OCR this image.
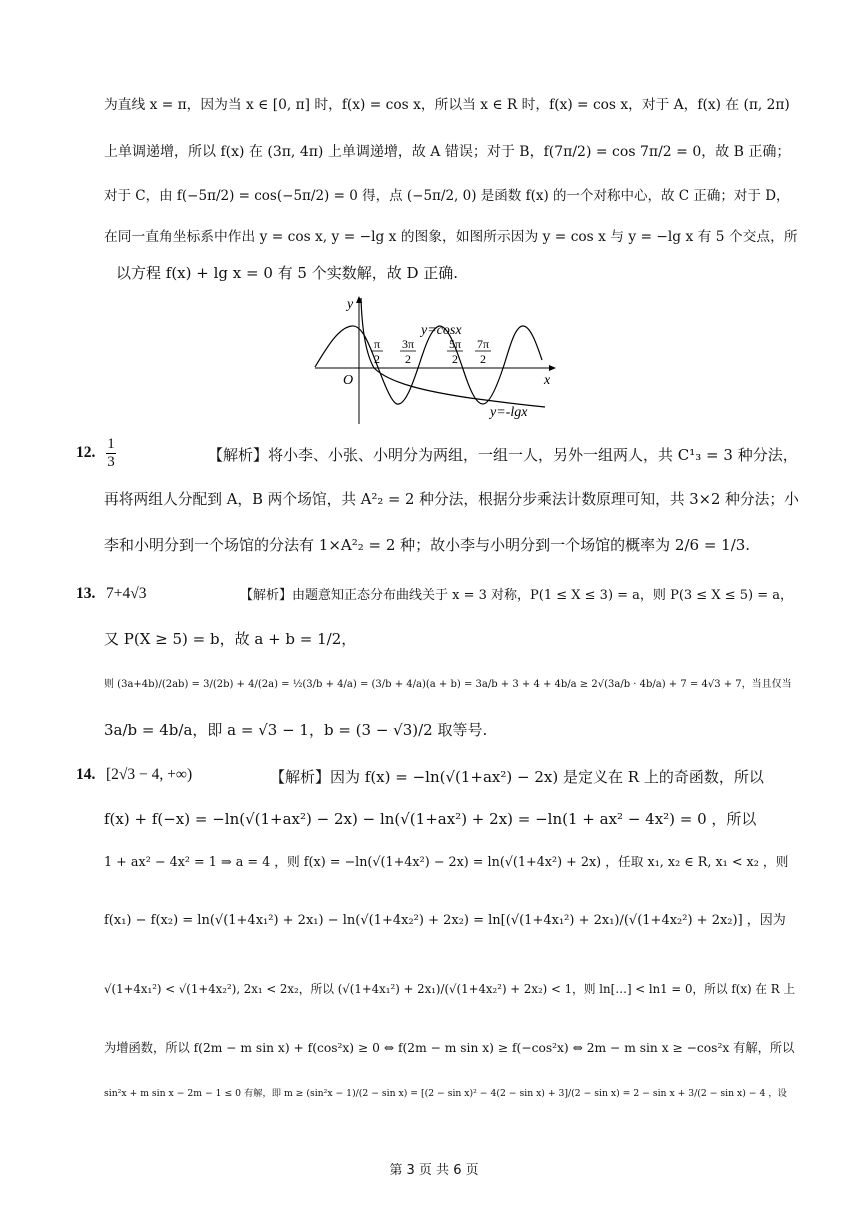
为直线 x = π，因为当 x ∈ [0, π] 时，f(x) = cos x，所以当 x ∈ R 时，f(x) = cos x，对于 A，f(x) 在 (π, 2π)
上单调递增，所以 f(x) 在 (3π, 4π) 上单调递增，故 A 错误；对于 B，f(7π/2) = cos 7π/2 = 0，故 B 正确；
对于 C，由 f(−5π/2) = cos(−5π/2) = 0 得，点 (−5π/2, 0) 是函数 f(x) 的一个对称中心，故 C 正确；对于 D，
在同一直角坐标系中作出 y = cos x, y = −lg x 的图象，如图所示因为 y = cos x 与 y = −lg x 有 5 个交点，所
以方程 f(x) + lg x = 0 有 5 个实数解，故 D 正确.
y
x
O
y=cosx
y=-lgx
π
2
3π
2
5π
2
7π
2
12. 1
3	【解析】将小李、小张、小明分为两组，一组一人，另外一组两人，共 C¹₃ = 3 种分法，
再将两组人分配到 A，B 两个场馆，共 A²₂ = 2 种分法，根据分步乘法计数原理可知，共 3×2 种分法；小
李和小明分到一个场馆的分法有 1×A²₂ = 2 种；故小李与小明分到一个场馆的概率为 2/6 = 1/3.
13. 7+4√3	【解析】由题意知正态分布曲线关于 x = 3 对称，P(1 ≤ X ≤ 3) = a，则 P(3 ≤ X ≤ 5) = a，
又 P(X ≥ 5) = b，故 a + b = 1/2，
则 (3a+4b)/(2ab) = 3/(2b) + 4/(2a) = ½(3/b + 4/a) = (3/b + 4/a)(a + b) = 3a/b + 3 + 4 + 4b/a ≥ 2√(3a/b · 4b/a) + 7 = 4√3 + 7，当且仅当
3a/b = 4b/a，即 a = √3 − 1，b = (3 − √3)/2 取等号.
14. [2√3 − 4, +∞)	【解析】因为 f(x) = −ln(√(1+ax²) − 2x) 是定义在 R 上的奇函数，所以
f(x) + f(−x) = −ln(√(1+ax²) − 2x) − ln(√(1+ax²) + 2x) = −ln(1 + ax² − 4x²) = 0 ，所以
1 + ax² − 4x² = 1 ⇒ a = 4 ，则 f(x) = −ln(√(1+4x²) − 2x) = ln(√(1+4x²) + 2x) ，任取 x₁, x₂ ∈ R, x₁ < x₂ ，则
f(x₁) − f(x₂) = ln(√(1+4x₁²) + 2x₁) − ln(√(1+4x₂²) + 2x₂) = ln[(√(1+4x₁²) + 2x₁)/(√(1+4x₂²) + 2x₂)] ，因为
√(1+4x₁²) < √(1+4x₂²), 2x₁ < 2x₂，所以 (√(1+4x₁²) + 2x₁)/(√(1+4x₂²) + 2x₂) < 1，则 ln[…] < ln1 = 0，所以 f(x) 在 R 上
为增函数，所以 f(2m − m sin x) + f(cos²x) ≥ 0 ⇔ f(2m − m sin x) ≥ f(−cos²x) ⇔ 2m − m sin x ≥ −cos²x 有解，所以
sin²x + m sin x − 2m − 1 ≤ 0 有解，即 m ≥ (sin²x − 1)/(2 − sin x) = [(2 − sin x)² − 4(2 − sin x) + 3]/(2 − sin x) = 2 − sin x + 3/(2 − sin x) − 4 ，设
第 3 页 共 6 页
